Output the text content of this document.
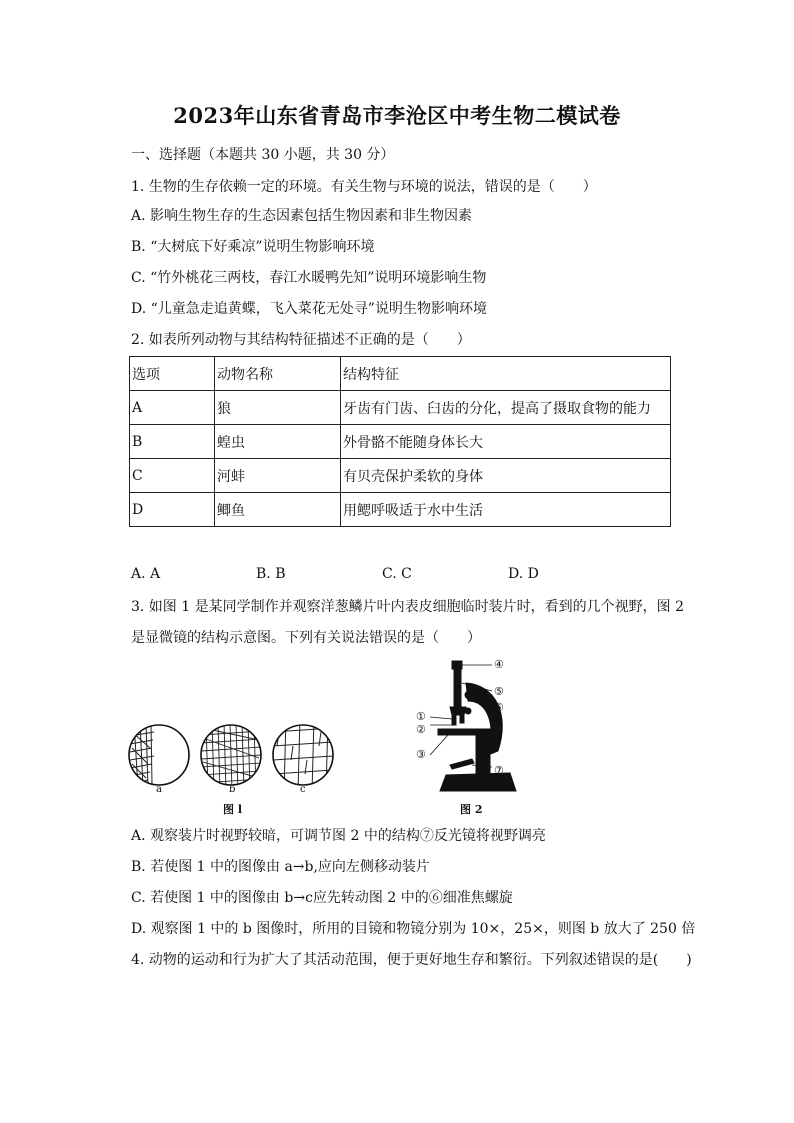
2023年山东省青岛市李沧区中考生物二模试卷
一、选择题（本题共 30 小题，共 30 分）
1. 生物的生存依赖一定的环境。有关生物与环境的说法，错误的是（　　）
A. 影响生物生存的生态因素包括生物因素和非生物因素
B. “大树底下好乘凉”说明生物影响环境
C. “竹外桃花三两枝，春江水暖鸭先知”说明环境影响生物
D. “儿童急走追黄蝶，飞入菜花无处寻”说明生物影响环境
2. 如表所列动物与其结构特征描述不正确的是（　　）
选项	动物名称	结构特征
A	狼	牙齿有门齿、臼齿的分化，提高了摄取食物的能力
B	蝗虫	外骨骼不能随身体长大
C	河蚌	有贝壳保护柔软的身体
D	鲫鱼	用鳃呼吸适于水中生活
A. A	B. B	C. C	D. D
3. 如图 1 是某同学制作并观察洋葱鳞片叶内表皮细胞临时装片时，看到的几个视野，图 2
是显微镜的结构示意图。下列有关说法错误的是（　　）
a	b	c
图 l
④
⑤
⑥
①
②
③
⑦
图 2
A. 观察装片时视野较暗，可调节图 2 中的结构⑦反光镜将视野调亮
B. 若使图 1 中的图像由 a→b,应向左侧移动装片
C. 若使图 1 中的图像由 b→c应先转动图 2 中的⑥细准焦螺旋
D. 观察图 1 中的 b 图像时，所用的目镜和物镜分别为 10×，25×，则图 b 放大了 250 倍
4. 动物的运动和行为扩大了其活动范围，便于更好地生存和繁衍。下列叙述错误的是(　　)
